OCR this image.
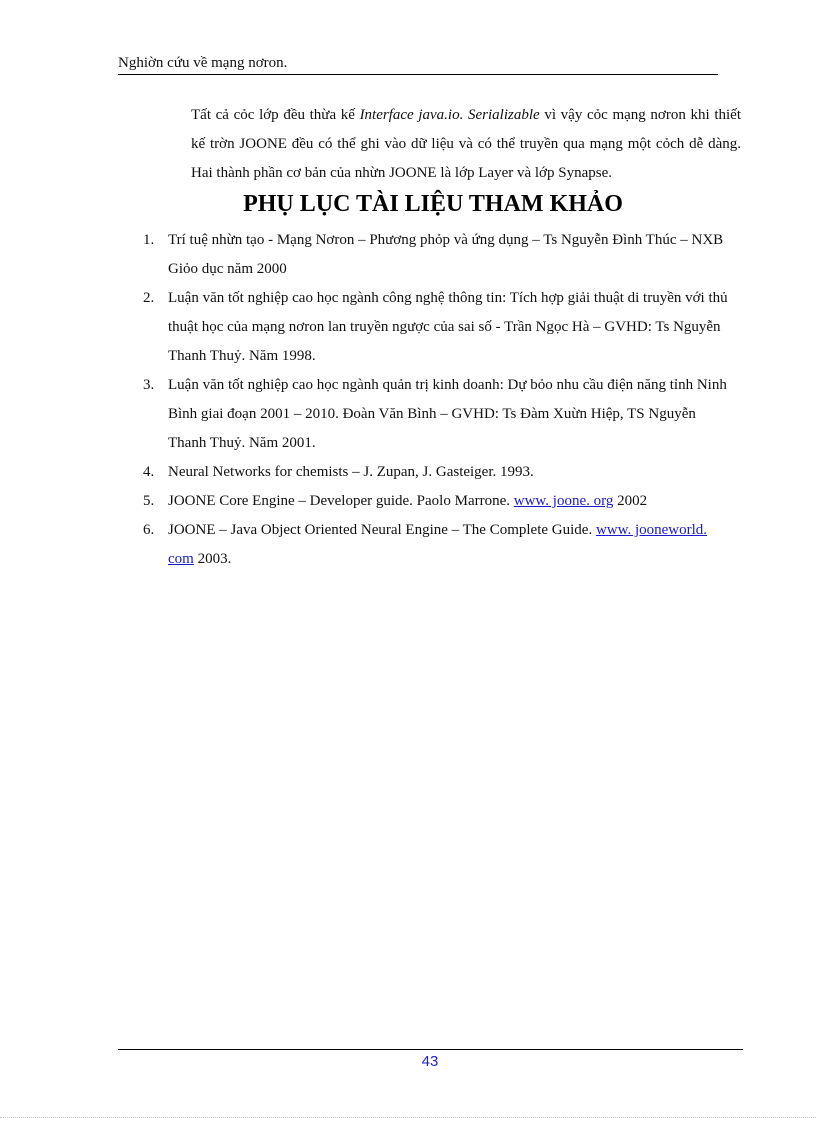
Nghiờn cứu về mạng nơron.

Tất cả cỏc lớp đều thừa kế Interface java.io. Serializable vì vậy cỏc mạng nơron khi thiết kế trờn JOONE đều có thể ghi vào dữ liệu và có thể truyền qua mạng một cỏch dễ dàng. Hai thành phần cơ bản của nhừn JOONE là lớp Layer và lớp Synapse.

PHỤ LỤC TÀI LIỆU THAM KHẢO
1. Trí tuệ nhừn tạo - Mạng Nơron – Phương phỏp và ứng dụng – Ts Nguyễn Đình Thúc – NXB Giỏo dục năm 2000
2. Luận văn tốt nghiệp cao học ngành công nghệ thông tin: Tích hợp giải thuật di truyền với thủ thuật học của mạng nơron lan truyền ngược của sai số - Trần Ngọc Hà – GVHD: Ts Nguyễn Thanh Thuỷ. Năm 1998.
3. Luận văn tốt nghiệp cao học ngành quản trị kinh doanh: Dự bỏo nhu cầu điện năng tỉnh Ninh Bình giai đoạn 2001 – 2010. Đoàn Văn Bình – GVHD: Ts Đàm Xuừn Hiệp, TS Nguyễn Thanh Thuỷ. Năm 2001.
4. Neural Networks for chemists – J. Zupan, J. Gasteiger. 1993.
5. JOONE Core Engine – Developer guide. Paolo Marrone. www. joone. org 2002
6. JOONE – Java Object Oriented Neural Engine – The Complete Guide. www. jooneworld. com 2003.
43
